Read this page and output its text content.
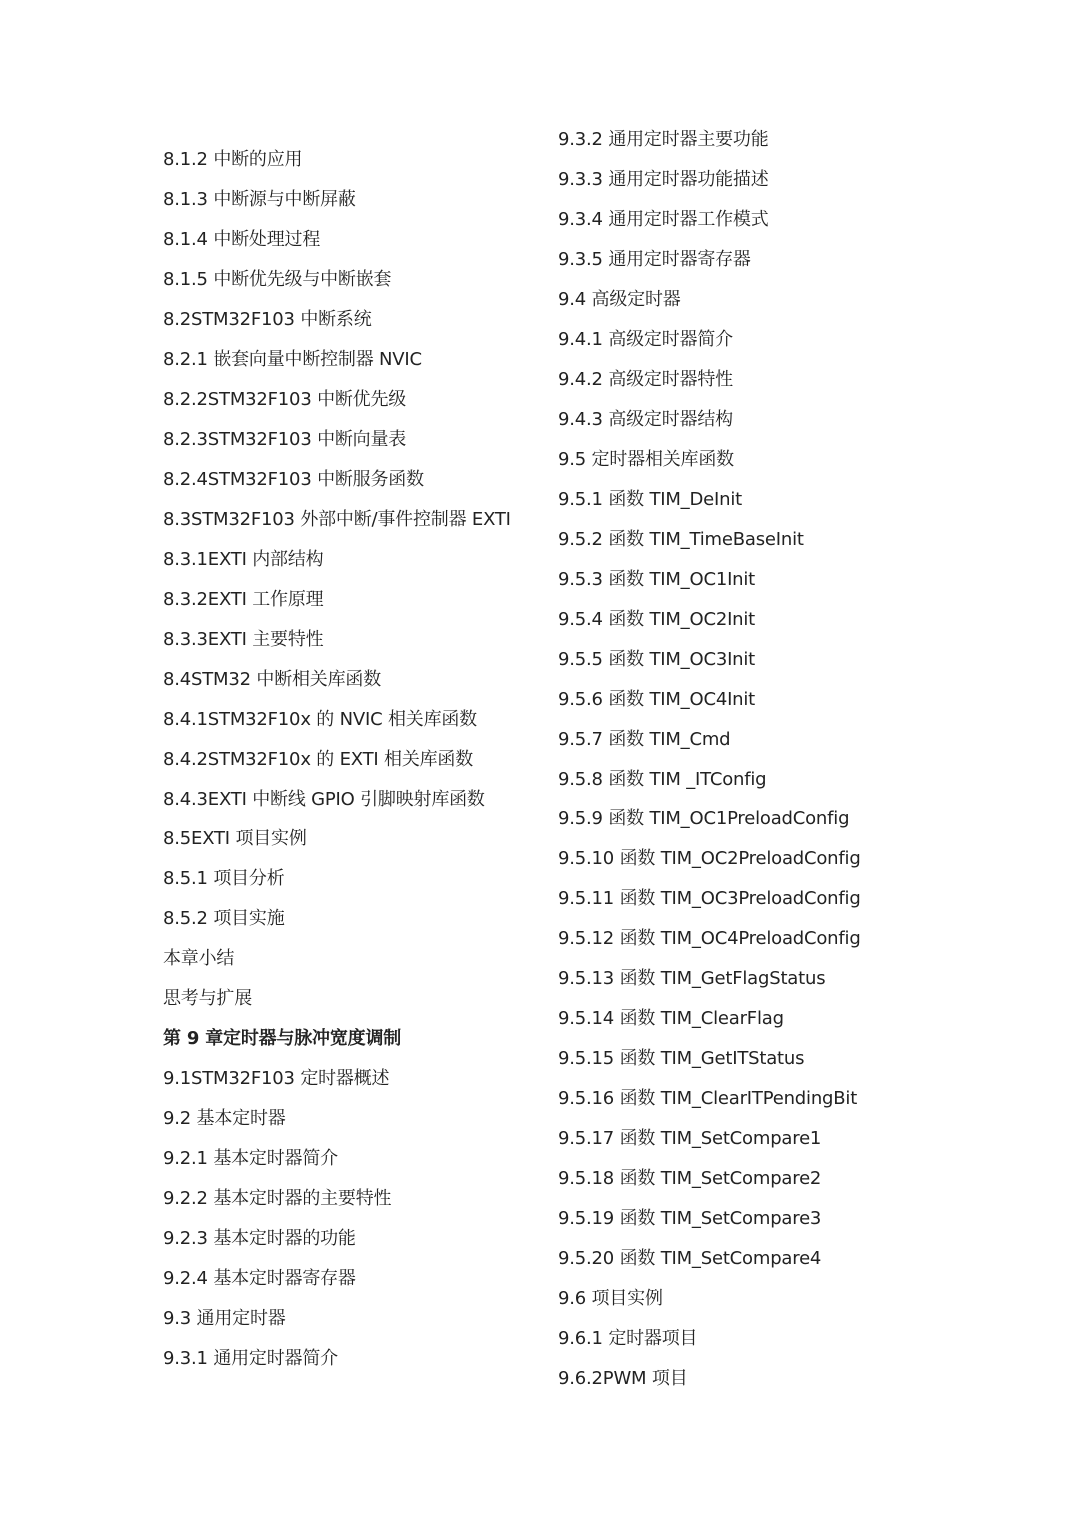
8.1.2 中断的应用
8.1.3 中断源与中断屏蔽
8.1.4 中断处理过程
8.1.5 中断优先级与中断嵌套
8.2STM32F103 中断系统
8.2.1 嵌套向量中断控制器 NVIC
8.2.2STM32F103 中断优先级
8.2.3STM32F103 中断向量表
8.2.4STM32F103 中断服务函数
8.3STM32F103 外部中断/事件控制器 EXTI
8.3.1EXTI 内部结构
8.3.2EXTI 工作原理
8.3.3EXTI 主要特性
8.4STM32 中断相关库函数
8.4.1STM32F10x 的 NVIC 相关库函数
8.4.2STM32F10x 的 EXTI 相关库函数
8.4.3EXTI 中断线 GPIO 引脚映射库函数
8.5EXTI 项目实例
8.5.1 项目分析
8.5.2 项目实施
本章小结
思考与扩展
第 9 章定时器与脉冲宽度调制
9.1STM32F103 定时器概述
9.2 基本定时器
9.2.1 基本定时器简介
9.2.2 基本定时器的主要特性
9.2.3 基本定时器的功能
9.2.4 基本定时器寄存器
9.3 通用定时器
9.3.1 通用定时器简介
9.3.2 通用定时器主要功能
9.3.3 通用定时器功能描述
9.3.4 通用定时器工作模式
9.3.5 通用定时器寄存器
9.4 高级定时器
9.4.1 高级定时器简介
9.4.2 高级定时器特性
9.4.3 高级定时器结构
9.5 定时器相关库函数
9.5.1 函数 TIM_DeInit
9.5.2 函数 TIM_TimeBaseInit
9.5.3 函数 TIM_OC1Init
9.5.4 函数 TIM_OC2Init
9.5.5 函数 TIM_OC3Init
9.5.6 函数 TIM_OC4Init
9.5.7 函数 TIM_Cmd
9.5.8 函数 TIM _ITConfig
9.5.9 函数 TIM_OC1PreloadConfig
9.5.10 函数 TIM_OC2PreloadConfig
9.5.11 函数 TIM_OC3PreloadConfig
9.5.12 函数 TIM_OC4PreloadConfig
9.5.13 函数 TIM_GetFlagStatus
9.5.14 函数 TIM_ClearFlag
9.5.15 函数 TIM_GetITStatus
9.5.16 函数 TIM_ClearITPendingBit
9.5.17 函数 TIM_SetCompare1
9.5.18 函数 TIM_SetCompare2
9.5.19 函数 TIM_SetCompare3
9.5.20 函数 TIM_SetCompare4
9.6 项目实例
9.6.1 定时器项目
9.6.2PWM 项目
